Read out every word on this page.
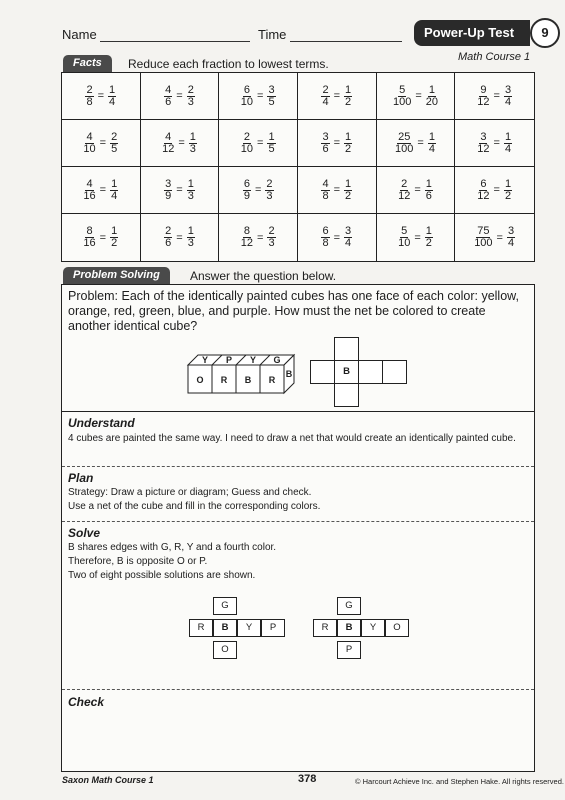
Name	Time	Power-Up Test	9
Math Course 1
Facts	Reduce each fraction to lowest terms.
$\frac{2}{8} = \frac{1}{4}$	$\frac{4}{6} = \frac{2}{3}$	$\frac{6}{10} = \frac{3}{5}$	$\frac{2}{4} = \frac{1}{2}$	$\frac{5}{100} = \frac{1}{20}$	$\frac{9}{12} = \frac{3}{4}$
$\frac{4}{10} = \frac{2}{5}$	$\frac{4}{12} = \frac{1}{3}$	$\frac{2}{10} = \frac{1}{5}$	$\frac{3}{6} = \frac{1}{2}$	$\frac{25}{100} = \frac{1}{4}$	$\frac{3}{12} = \frac{1}{4}$
$\frac{4}{16} = \frac{1}{4}$	$\frac{3}{9} = \frac{1}{3}$	$\frac{6}{9} = \frac{2}{3}$	$\frac{4}{8} = \frac{1}{2}$	$\frac{2}{12} = \frac{1}{6}$	$\frac{6}{12} = \frac{1}{2}$
$\frac{8}{16} = \frac{1}{2}$	$\frac{2}{6} = \frac{1}{3}$	$\frac{8}{12} = \frac{2}{3}$	$\frac{6}{8} = \frac{3}{4}$	$\frac{5}{10} = \frac{1}{2}$	$\frac{75}{100} = \frac{3}{4}$
Problem Solving	Answer the question below.
Problem: Each of the identically painted cubes has one face of each color: yellow, orange, red, green, blue, and purple. How must the net be colored to create another identical cube?
Y P Y G
O R B R
B	B
Understand
4 cubes are painted the same way. I need to draw a net that would create an identically painted cube.
Plan
Strategy: Draw a picture or diagram; Guess and check.
Use a net of the cube and fill in the corresponding colors.
Solve
B shares edges with G, R, Y and a fourth color.
Therefore, B is opposite O or P.
Two of eight possible solutions are shown.
G
R	B	Y	P
O
G
R	B	Y	O
P
Check
Saxon Math Course 1	378	© Harcourt Achieve Inc. and Stephen Hake. All rights reserved.
